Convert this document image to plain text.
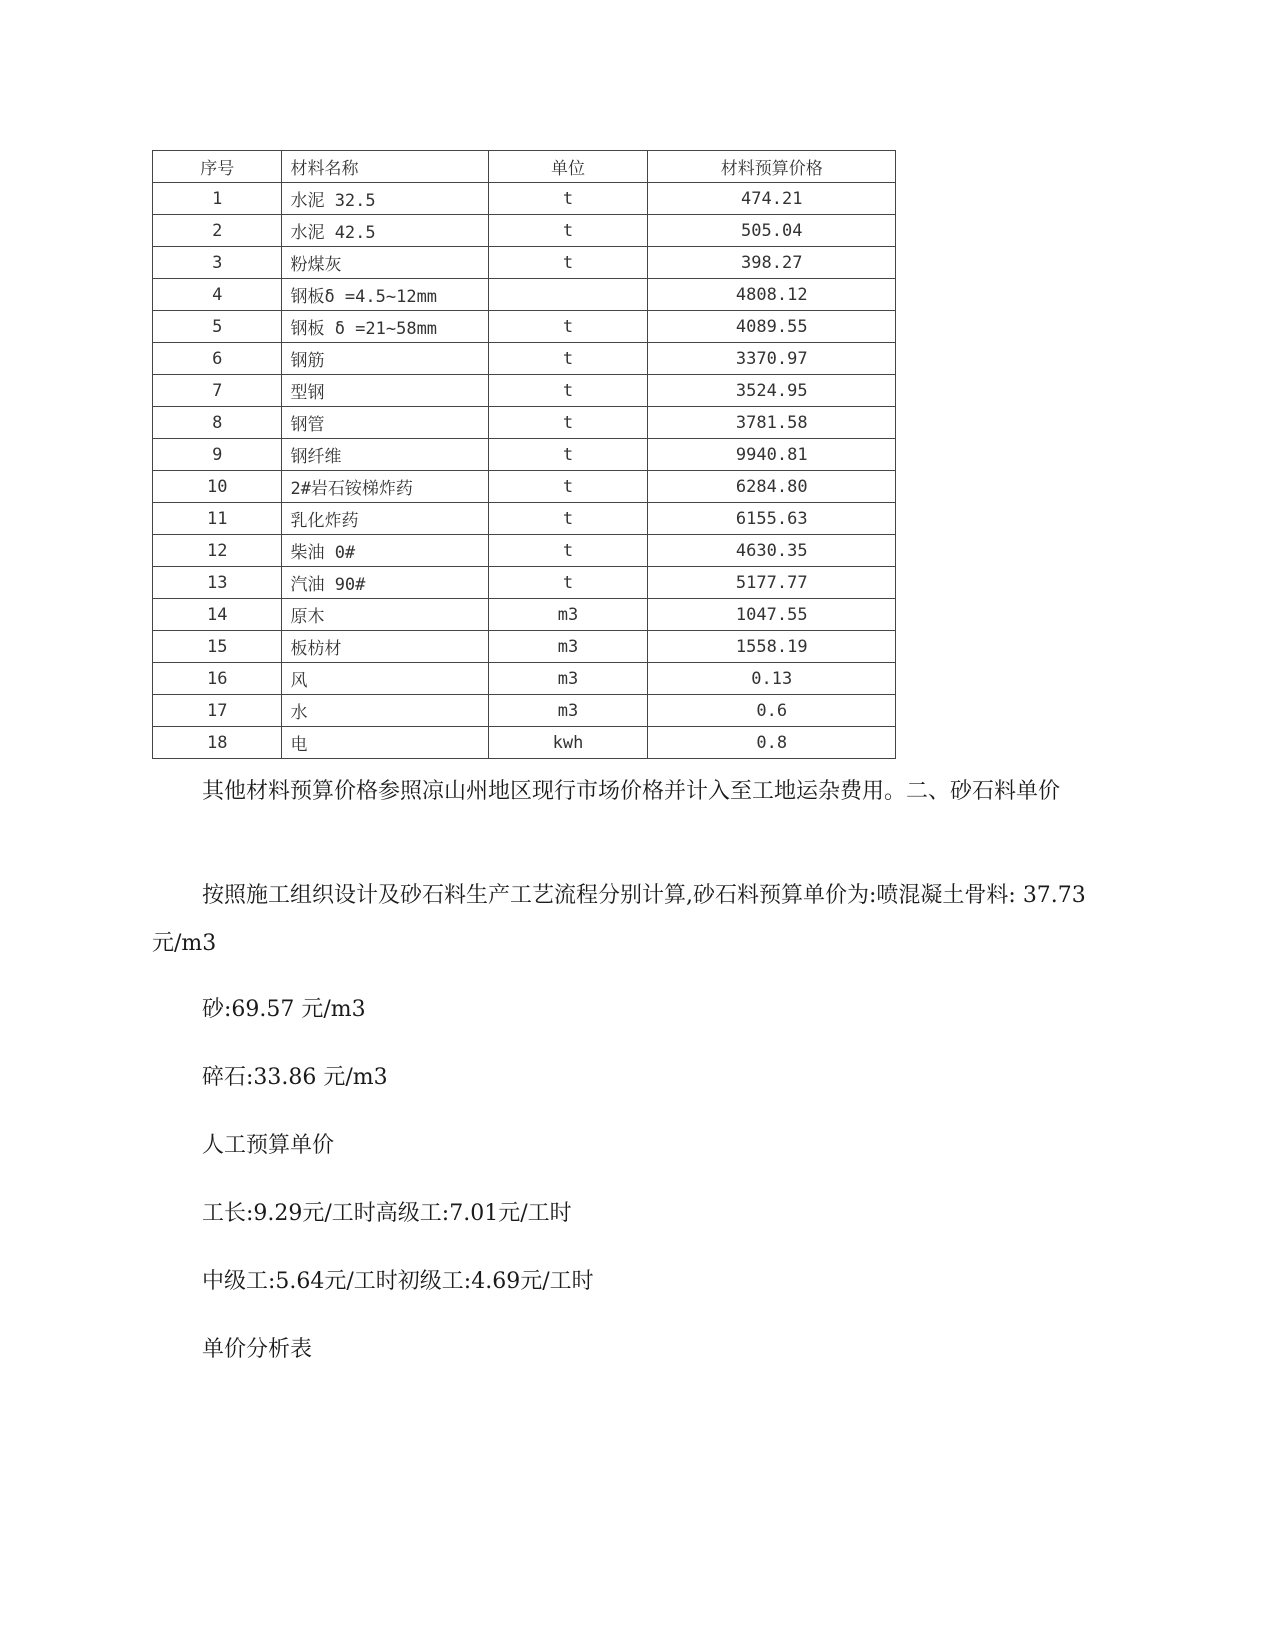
序号	材料名称	单位	材料预算价格
1	水泥 32.5	t	474.21
2	水泥 42.5	t	505.04
3	粉煤灰	t	398.27
4	钢板δ =4.5~12mm		4808.12
5	钢板 δ =21~58mm	t	4089.55
6	钢筋	t	3370.97
7	型钢	t	3524.95
8	钢管	t	3781.58
9	钢纤维	t	9940.81
10	2#岩石铵梯炸药	t	6284.80
11	乳化炸药	t	6155.63
12	柴油 0#	t	4630.35
13	汽油 90#	t	5177.77
14	原木	m3	1047.55
15	板枋材	m3	1558.19
16	风	m3	0.13
17	水	m3	0.6
18	电	kwh	0.8

其他材料预算价格参照凉山州地区现行市场价格并计入至工地运杂费用。二、砂石料单价

按照施工组织设计及砂石料生产工艺流程分别计算,砂石料预算单价为:喷混凝土骨料: 37.73 元/m3

砂:69.57 元/m3

碎石:33.86 元/m3

人工预算单价

工长:9.29元/工时高级工:7.01元/工时

中级工:5.64元/工时初级工:4.69元/工时

单价分析表
